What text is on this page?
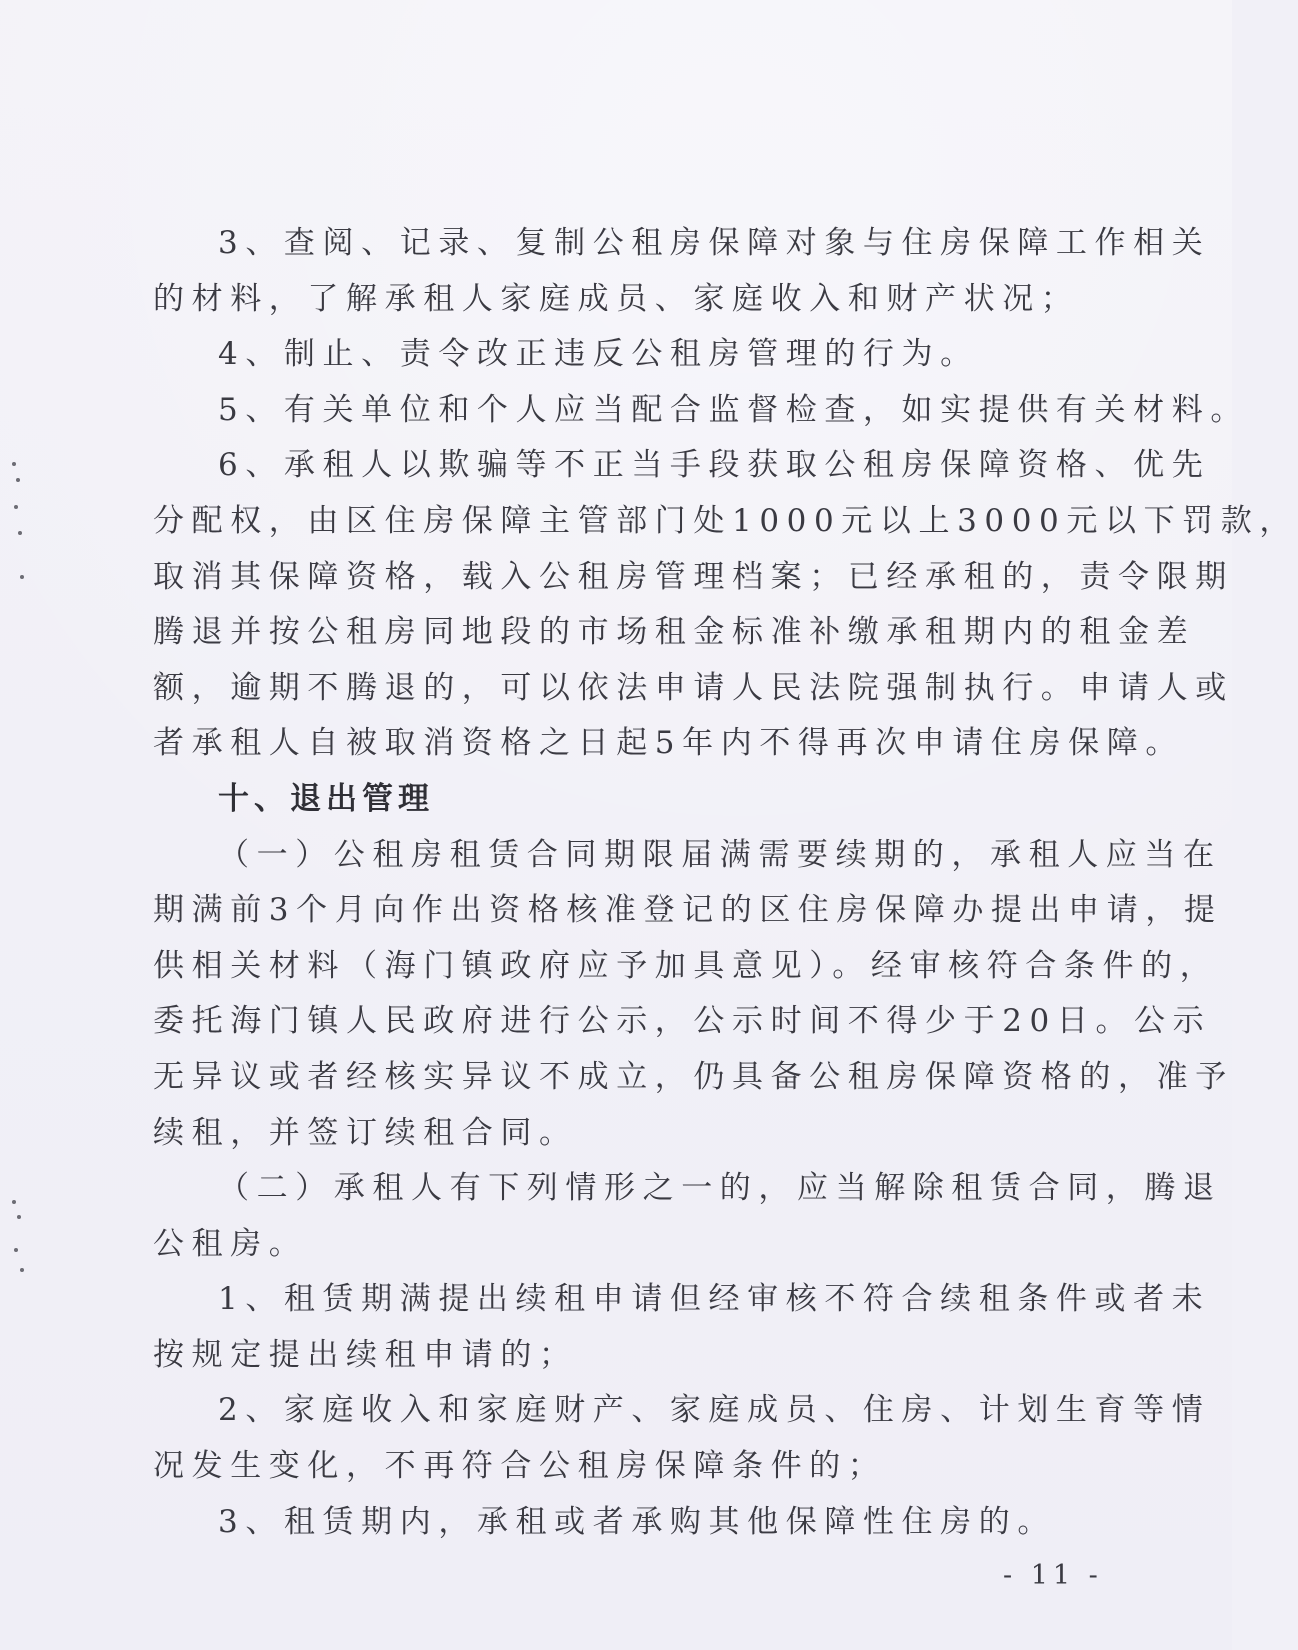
3、查阅、记录、复制公租房保障对象与住房保障工作相关
的材料，了解承租人家庭成员、家庭收入和财产状况；
4、制止、责令改正违反公租房管理的行为。
5、有关单位和个人应当配合监督检查，如实提供有关材料。
6、承租人以欺骗等不正当手段获取公租房保障资格、优先
分配权，由区住房保障主管部门处1000元以上3000元以下罚款，
取消其保障资格，载入公租房管理档案；已经承租的，责令限期
腾退并按公租房同地段的市场租金标准补缴承租期内的租金差
额，逾期不腾退的，可以依法申请人民法院强制执行。申请人或
者承租人自被取消资格之日起5年内不得再次申请住房保障。
十、退出管理
（一）公租房租赁合同期限届满需要续期的，承租人应当在
期满前3个月向作出资格核准登记的区住房保障办提出申请，提
供相关材料（海门镇政府应予加具意见）。经审核符合条件的，
委托海门镇人民政府进行公示，公示时间不得少于20日。公示
无异议或者经核实异议不成立，仍具备公租房保障资格的，准予
续租，并签订续租合同。
（二）承租人有下列情形之一的，应当解除租赁合同，腾退
公租房。
1、租赁期满提出续租申请但经审核不符合续租条件或者未
按规定提出续租申请的；
2、家庭收入和家庭财产、家庭成员、住房、计划生育等情
况发生变化，不再符合公租房保障条件的；
3、租赁期内，承租或者承购其他保障性住房的。
- 11 -
